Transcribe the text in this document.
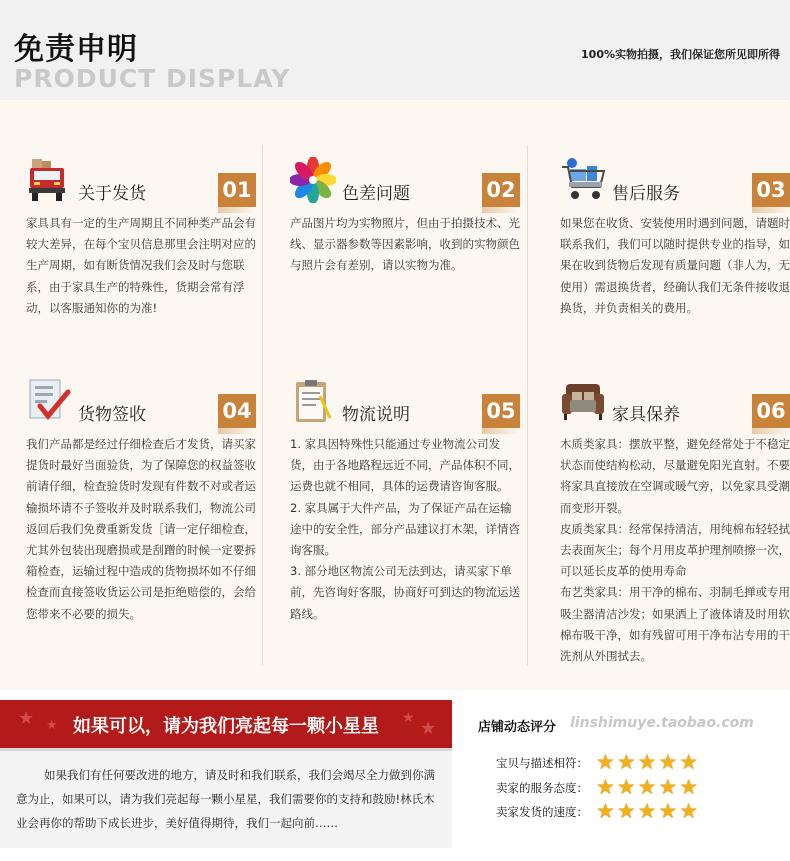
免责申明
PRODUCT DISPLAY
100%实物拍摄，我们保证您所见即所得
关于发货	01

家具具有一定的生产周期且不同种类产品会有较大差异，在每个宝贝信息那里会注明对应的生产周期，如有断货情况我们会及时与您联系，由于家具生产的特殊性，货期会常有浮动，以客服通知你的为准!

色差问题	02

产品图片均为实物照片，但由于拍摄技术、光线、显示器参数等因素影响，收到的实物颜色与照片会有差别，请以实物为准。

售后服务	03

如果您在收货、安装使用时遇到问题，请题时联系我们，我们可以随时提供专业的指导，如果在收到货物后发现有质量问题（非人为，无使用）需退换货者，经确认我们无条件接收退换货，并负责相关的费用。

货物签收	04

我们产品都是经过仔细检查后才发货，请买家提货时最好当面验货，为了保障您的权益签收前请仔细，检查验货时发现有件数不对或者运输损坏请不子签收并及时联系我们，物流公司返回后我们免费重新发货［请一定仔细检查，尤其外包装出现磨损或是刮蹭的时候一定要拆箱检查，运输过程中造成的货物损坏如不仔细检查而直接签收货运公司是拒绝赔偿的，会给您带来不必要的损失。

物流说明	05

1. 家具因特殊性只能通过专业物流公司发货，由于各地路程远近不同，产品体积不同，运费也就不相同，具体的运费请咨询客服。

2. 家具属于大件产品，为了保证产品在运输途中的安全性，部分产品建议打木架，详情咨询客服。

3. 部分地区物流公司无法到达，请买家下单前，先咨询好客服，协商好可到达的物流运送路线。

家具保养	06

木质类家具：摆放平整，避免经常处于不稳定状态而使结构松动，尽量避免阳光直射。不要将家具直接放在空调或暖气旁，以免家具受潮而变形开裂。

皮质类家具：经常保持清洁，用纯棉布轻轻拭去表面灰尘；每个月用皮革护理剂喷擦一次，可以延长皮革的使用寿命

布艺类家具：用干净的棉布、羽制毛掸或专用吸尘器清洁沙发；如果洒上了液体请及时用软棉布吸干净，如有残留可用干净布沾专用的干洗剂从外围拭去。

★ ★	★ ★
如果可以，请为我们亮起每一颗小星星

如果我们有任何要改进的地方，请及时和我们联系，我们会竭尽全力做到你满意为止，如果可以，请为我们亮起每一颗小星星，我们需要你的支持和鼓励!林氏木业会再你的帮助下成长进步，美好值得期待，我们一起向前……

店铺动态评分 linshimuye.taobao.com
宝贝与描述相符： ★★★★★
卖家的服务态度： ★★★★★
卖家发货的速度： ★★★★★
